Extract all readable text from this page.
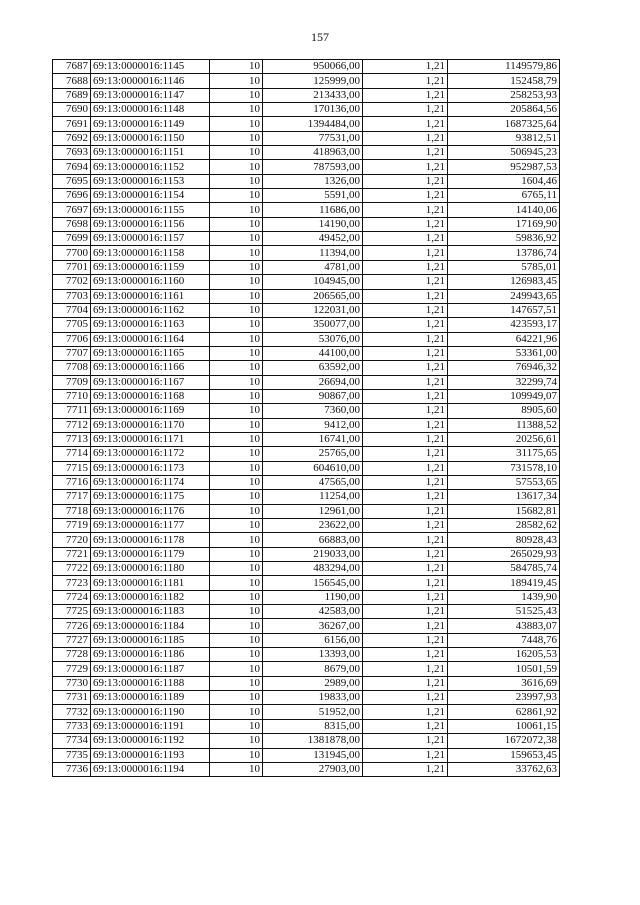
157
7687	69:13:0000016:1145	10	950066,00	1,21	1149579,86
7688	69:13:0000016:1146	10	125999,00	1,21	152458,79
7689	69:13:0000016:1147	10	213433,00	1,21	258253,93
7690	69:13:0000016:1148	10	170136,00	1,21	205864,56
7691	69:13:0000016:1149	10	1394484,00	1,21	1687325,64
7692	69:13:0000016:1150	10	77531,00	1,21	93812,51
7693	69:13:0000016:1151	10	418963,00	1,21	506945,23
7694	69:13:0000016:1152	10	787593,00	1,21	952987,53
7695	69:13:0000016:1153	10	1326,00	1,21	1604,46
7696	69:13:0000016:1154	10	5591,00	1,21	6765,11
7697	69:13:0000016:1155	10	11686,00	1,21	14140,06
7698	69:13:0000016:1156	10	14190,00	1,21	17169,90
7699	69:13:0000016:1157	10	49452,00	1,21	59836,92
7700	69:13:0000016:1158	10	11394,00	1,21	13786,74
7701	69:13:0000016:1159	10	4781,00	1,21	5785,01
7702	69:13:0000016:1160	10	104945,00	1,21	126983,45
7703	69:13:0000016:1161	10	206565,00	1,21	249943,65
7704	69:13:0000016:1162	10	122031,00	1,21	147657,51
7705	69:13:0000016:1163	10	350077,00	1,21	423593,17
7706	69:13:0000016:1164	10	53076,00	1,21	64221,96
7707	69:13:0000016:1165	10	44100,00	1,21	53361,00
7708	69:13:0000016:1166	10	63592,00	1,21	76946,32
7709	69:13:0000016:1167	10	26694,00	1,21	32299,74
7710	69:13:0000016:1168	10	90867,00	1,21	109949,07
7711	69:13:0000016:1169	10	7360,00	1,21	8905,60
7712	69:13:0000016:1170	10	9412,00	1,21	11388,52
7713	69:13:0000016:1171	10	16741,00	1,21	20256,61
7714	69:13:0000016:1172	10	25765,00	1,21	31175,65
7715	69:13:0000016:1173	10	604610,00	1,21	731578,10
7716	69:13:0000016:1174	10	47565,00	1,21	57553,65
7717	69:13:0000016:1175	10	11254,00	1,21	13617,34
7718	69:13:0000016:1176	10	12961,00	1,21	15682,81
7719	69:13:0000016:1177	10	23622,00	1,21	28582,62
7720	69:13:0000016:1178	10	66883,00	1,21	80928,43
7721	69:13:0000016:1179	10	219033,00	1,21	265029,93
7722	69:13:0000016:1180	10	483294,00	1,21	584785,74
7723	69:13:0000016:1181	10	156545,00	1,21	189419,45
7724	69:13:0000016:1182	10	1190,00	1,21	1439,90
7725	69:13:0000016:1183	10	42583,00	1,21	51525,43
7726	69:13:0000016:1184	10	36267,00	1,21	43883,07
7727	69:13:0000016:1185	10	6156,00	1,21	7448,76
7728	69:13:0000016:1186	10	13393,00	1,21	16205,53
7729	69:13:0000016:1187	10	8679,00	1,21	10501,59
7730	69:13:0000016:1188	10	2989,00	1,21	3616,69
7731	69:13:0000016:1189	10	19833,00	1,21	23997,93
7732	69:13:0000016:1190	10	51952,00	1,21	62861,92
7733	69:13:0000016:1191	10	8315,00	1,21	10061,15
7734	69:13:0000016:1192	10	1381878,00	1,21	1672072,38
7735	69:13:0000016:1193	10	131945,00	1,21	159653,45
7736	69:13:0000016:1194	10	27903,00	1,21	33762,63
